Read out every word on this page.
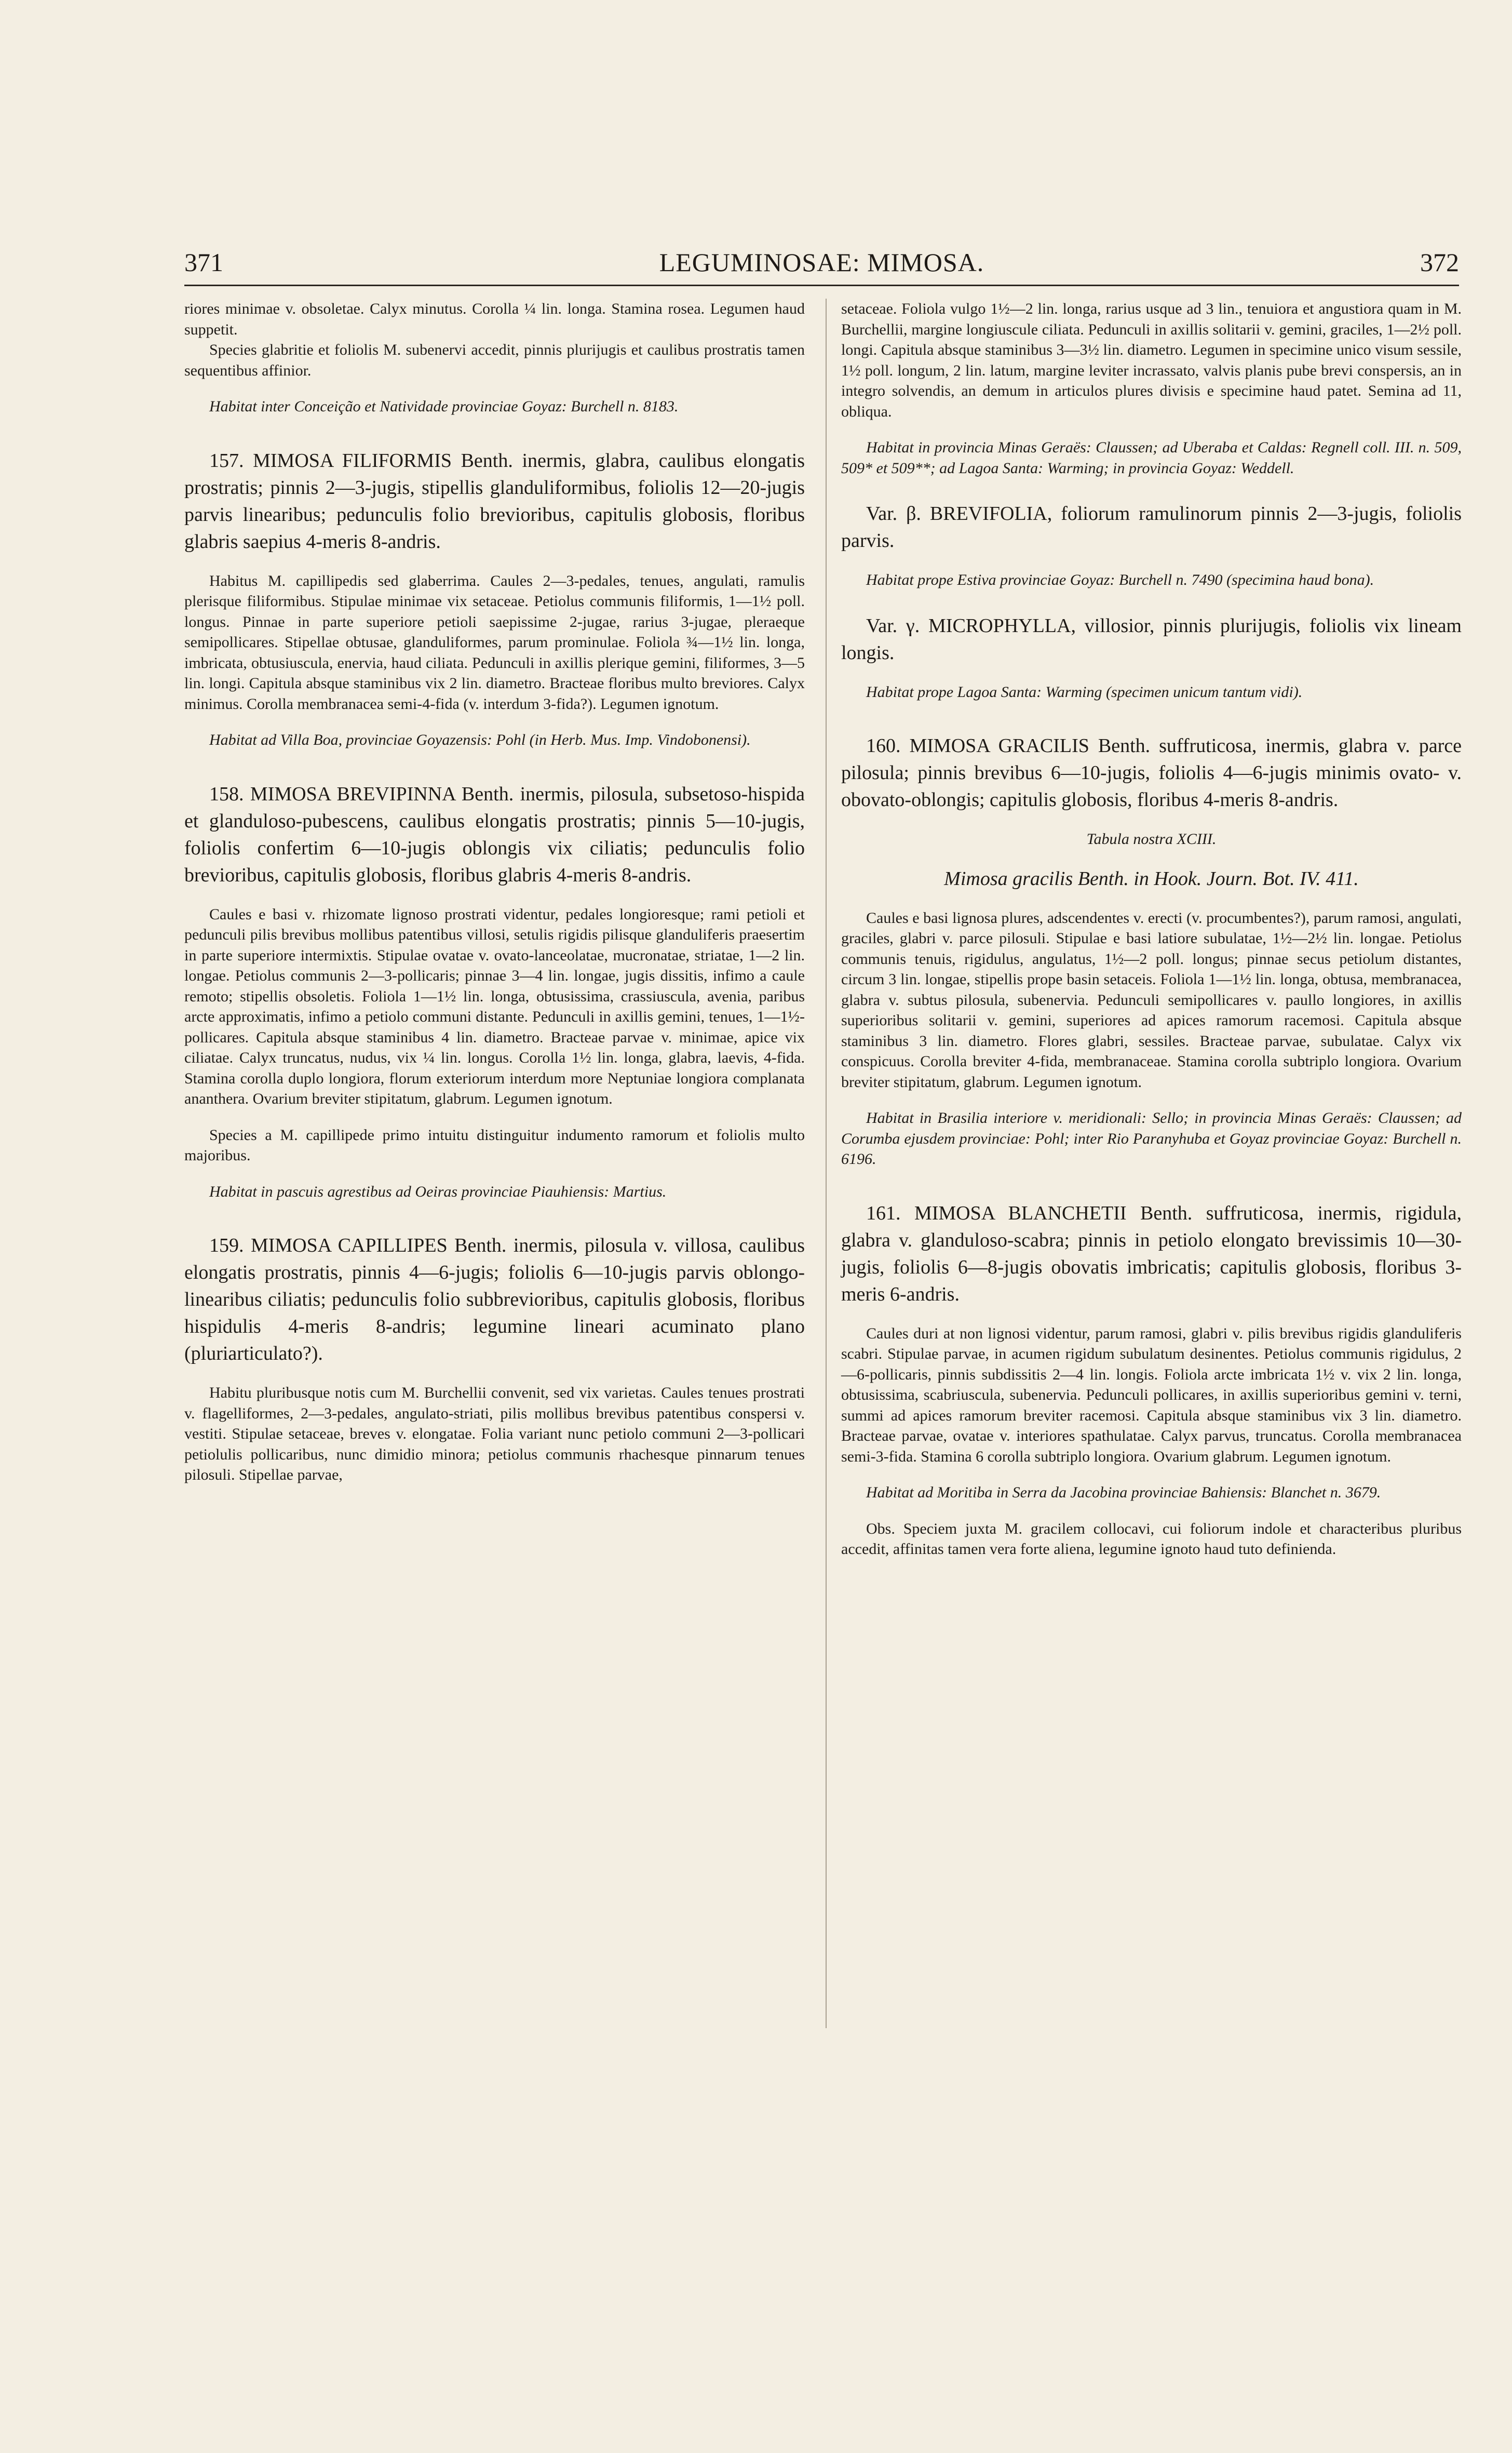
371	LEGUMINOSAE: MIMOSA.	372

riores minimae v. obsoletae. Calyx minutus. Corolla ¼ lin. longa. Stamina rosea. Legumen haud suppetit.

Species glabritie et foliolis M. subenervi accedit, pinnis plurijugis et caulibus prostratis tamen sequentibus affinior.

Habitat inter Conceição et Natividade provinciae Goyaz: Burchell n. 8183.

157. MIMOSA FILIFORMIS Benth. inermis, glabra, caulibus elongatis prostratis; pinnis 2—3-jugis, stipellis glanduliformibus, foliolis 12—20-jugis parvis linearibus; pedunculis folio brevioribus, capitulis globosis, floribus glabris saepius 4-meris 8-andris.

Habitus M. capillipedis sed glaberrima. Caules 2—3-pedales, tenues, angulati, ramulis plerisque filiformibus. Stipulae minimae vix setaceae. Petiolus communis filiformis, 1—1½ poll. longus. Pinnae in parte superiore petioli saepissime 2-jugae, rarius 3-jugae, pleraeque semipollicares. Stipellae obtusae, glanduliformes, parum prominulae. Foliola ¾—1½ lin. longa, imbricata, obtusiuscula, enervia, haud ciliata. Pedunculi in axillis plerique gemini, filiformes, 3—5 lin. longi. Capitula absque staminibus vix 2 lin. diametro. Bracteae floribus multo breviores. Calyx minimus. Corolla membranacea semi-4-fida (v. interdum 3-fida?). Legumen ignotum.

Habitat ad Villa Boa, provinciae Goyazensis: Pohl (in Herb. Mus. Imp. Vindobonensi).

158. MIMOSA BREVIPINNA Benth. inermis, pilosula, subsetoso-hispida et glanduloso-pubescens, caulibus elongatis prostratis; pinnis 5—10-jugis, foliolis confertim 6—10-jugis oblongis vix ciliatis; pedunculis folio brevioribus, capitulis globosis, floribus glabris 4-meris 8-andris.

Caules e basi v. rhizomate lignoso prostrati videntur, pedales longioresque; rami petioli et pedunculi pilis brevibus mollibus patentibus villosi, setulis rigidis pilisque glanduliferis praesertim in parte superiore intermixtis. Stipulae ovatae v. ovato-lanceolatae, mucronatae, striatae, 1—2 lin. longae. Petiolus communis 2—3-pollicaris; pinnae 3—4 lin. longae, jugis dissitis, infimo a caule remoto; stipellis obsoletis. Foliola 1—1½ lin. longa, obtusissima, crassiuscula, avenia, paribus arcte approximatis, infimo a petiolo communi distante. Pedunculi in axillis gemini, tenues, 1—1½-pollicares. Capitula absque staminibus 4 lin. diametro. Bracteae parvae v. minimae, apice vix ciliatae. Calyx truncatus, nudus, vix ¼ lin. longus. Corolla 1½ lin. longa, glabra, laevis, 4-fida. Stamina corolla duplo longiora, florum exteriorum interdum more Neptuniae longiora complanata ananthera. Ovarium breviter stipitatum, glabrum. Legumen ignotum.

Species a M. capillipede primo intuitu distinguitur indumento ramorum et foliolis multo majoribus.

Habitat in pascuis agrestibus ad Oeiras provinciae Piauhiensis: Martius.

159. MIMOSA CAPILLIPES Benth. inermis, pilosula v. villosa, caulibus elongatis prostratis, pinnis 4—6-jugis; foliolis 6—10-jugis parvis oblongo-linearibus ciliatis; pedunculis folio subbrevioribus, capitulis globosis, floribus hispidulis 4-meris 8-andris; legumine lineari acuminato plano (pluriarticulato?).

Habitu pluribusque notis cum M. Burchellii convenit, sed vix varietas. Caules tenues prostrati v. flagelliformes, 2—3-pedales, angulato-striati, pilis mollibus brevibus patentibus conspersi v. vestiti. Stipulae setaceae, breves v. elongatae. Folia variant nunc petiolo communi 2—3-pollicari petiolulis pollicaribus, nunc dimidio minora; petiolus communis rhachesque pinnarum tenues pilosuli. Stipellae parvae,

setaceae. Foliola vulgo 1½—2 lin. longa, rarius usque ad 3 lin., tenuiora et angustiora quam in M. Burchellii, margine longiuscule ciliata. Pedunculi in axillis solitarii v. gemini, graciles, 1—2½ poll. longi. Capitula absque staminibus 3—3½ lin. diametro. Legumen in specimine unico visum sessile, 1½ poll. longum, 2 lin. latum, margine leviter incrassato, valvis planis pube brevi conspersis, an in integro solvendis, an demum in articulos plures divisis e specimine haud patet. Semina ad 11, obliqua.

Habitat in provincia Minas Geraës: Claussen; ad Uberaba et Caldas: Regnell coll. III. n. 509, 509* et 509**; ad Lagoa Santa: Warming; in provincia Goyaz: Weddell.

Var. β. BREVIFOLIA, foliorum ramulinorum pinnis 2—3-jugis, foliolis parvis.

Habitat prope Estiva provinciae Goyaz: Burchell n. 7490 (specimina haud bona).

Var. γ. MICROPHYLLA, villosior, pinnis plurijugis, foliolis vix lineam longis.

Habitat prope Lagoa Santa: Warming (specimen unicum tantum vidi).

160. MIMOSA GRACILIS Benth. suffruticosa, inermis, glabra v. parce pilosula; pinnis brevibus 6—10-jugis, foliolis 4—6-jugis minimis ovato- v. obovato-oblongis; capitulis globosis, floribus 4-meris 8-andris.

Tabula nostra XCIII.

Mimosa gracilis Benth. in Hook. Journ. Bot. IV. 411.

Caules e basi lignosa plures, adscendentes v. erecti (v. procumbentes?), parum ramosi, angulati, graciles, glabri v. parce pilosuli. Stipulae e basi latiore subulatae, 1½—2½ lin. longae. Petiolus communis tenuis, rigidulus, angulatus, 1½—2 poll. longus; pinnae secus petiolum distantes, circum 3 lin. longae, stipellis prope basin setaceis. Foliola 1—1½ lin. longa, obtusa, membranacea, glabra v. subtus pilosula, subenervia. Pedunculi semipollicares v. paullo longiores, in axillis superioribus solitarii v. gemini, superiores ad apices ramorum racemosi. Capitula absque staminibus 3 lin. diametro. Flores glabri, sessiles. Bracteae parvae, subulatae. Calyx vix conspicuus. Corolla breviter 4-fida, membranaceae. Stamina corolla subtriplo longiora. Ovarium breviter stipitatum, glabrum. Legumen ignotum.

Habitat in Brasilia interiore v. meridionali: Sello; in provincia Minas Geraës: Claussen; ad Corumba ejusdem provinciae: Pohl; inter Rio Paranyhuba et Goyaz provinciae Goyaz: Burchell n. 6196.

161. MIMOSA BLANCHETII Benth. suffruticosa, inermis, rigidula, glabra v. glanduloso-scabra; pinnis in petiolo elongato brevissimis 10—30-jugis, foliolis 6—8-jugis obovatis imbricatis; capitulis globosis, floribus 3-meris 6-andris.

Caules duri at non lignosi videntur, parum ramosi, glabri v. pilis brevibus rigidis glanduliferis scabri. Stipulae parvae, in acumen rigidum subulatum desinentes. Petiolus communis rigidulus, 2—6-pollicaris, pinnis subdissitis 2—4 lin. longis. Foliola arcte imbricata 1½ v. vix 2 lin. longa, obtusissima, scabriuscula, subenervia. Pedunculi pollicares, in axillis superioribus gemini v. terni, summi ad apices ramorum breviter racemosi. Capitula absque staminibus vix 3 lin. diametro. Bracteae parvae, ovatae v. interiores spathulatae. Calyx parvus, truncatus. Corolla membranacea semi-3-fida. Stamina 6 corolla subtriplo longiora. Ovarium glabrum. Legumen ignotum.

Habitat ad Moritiba in Serra da Jacobina provinciae Bahiensis: Blanchet n. 3679.

Obs. Speciem juxta M. gracilem collocavi, cui foliorum indole et characteribus pluribus accedit, affinitas tamen vera forte aliena, legumine ignoto haud tuto definienda.
